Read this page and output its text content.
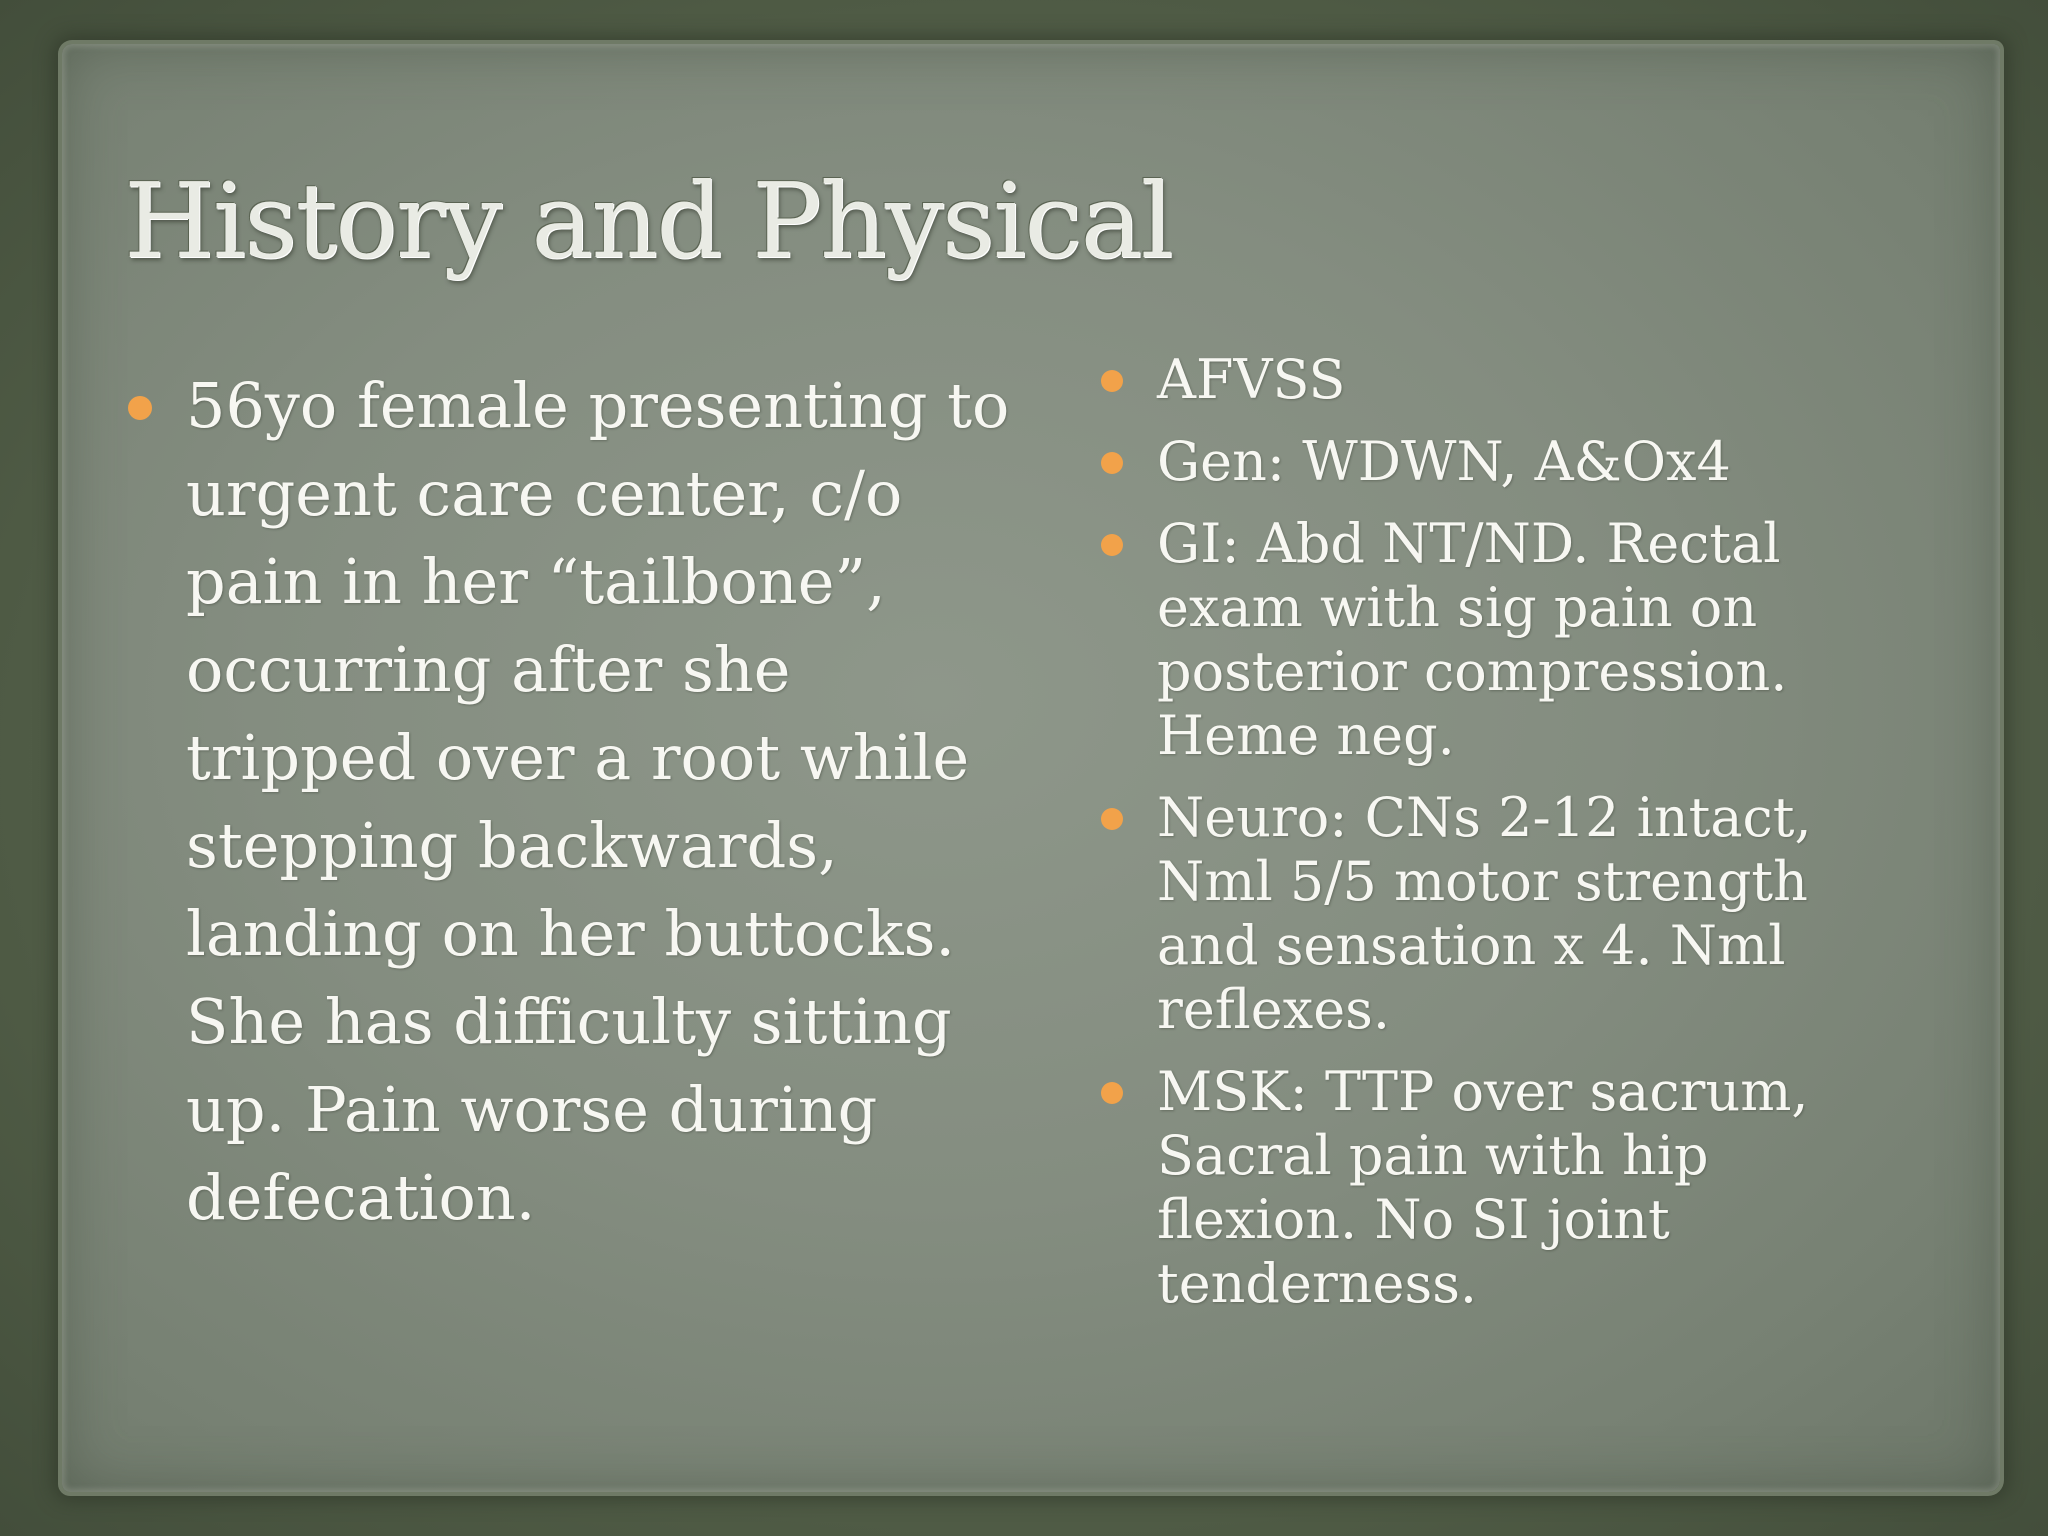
History and Physical
56yo female presenting to urgent care center, c/o pain in her “tailbone”, occurring after she tripped over a root while stepping backwards, landing on her buttocks. She has difficulty sitting up. Pain worse during defecation.
AFVSS
Gen: WDWN, A&Ox4
GI: Abd NT/ND. Rectal exam with sig pain on posterior compression. Heme neg.
Neuro: CNs 2-12 intact, Nml 5/5 motor strength and sensation x 4. Nml reflexes.
MSK: TTP over sacrum, Sacral pain with hip flexion. No SI joint tenderness.
